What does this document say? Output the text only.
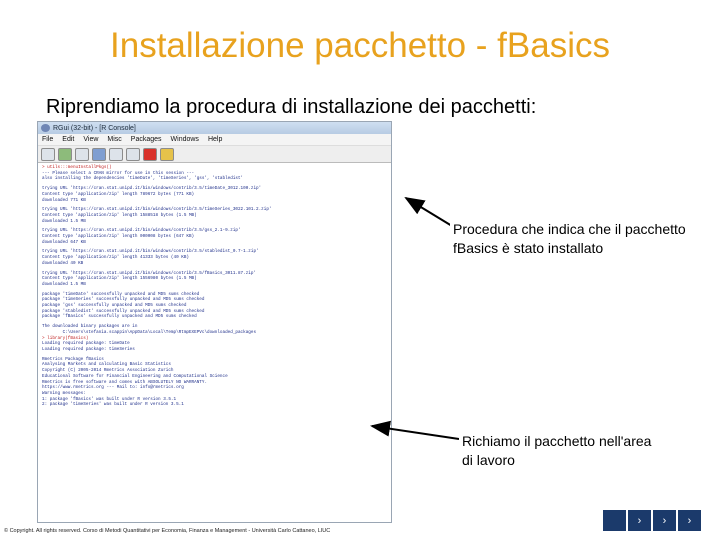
Installazione pacchetto - fBasics
Riprendiamo la procedura di installazione dei pacchetti:
RGui (32-bit) - [R Console]
File Edit View Misc Packages Windows Help
> utils:::menuInstallPkgs()
--- Please select a CRAN mirror for use in this session ---
also installing the dependencies 'timeDate', 'timeSeries', 'gss', 'stabledist'
trying URL 'https://cran.stat.unipd.it/bin/windows/contrib/3.5/timeDate_3012.100.zip'
Content type 'application/zip' length 789672 bytes (771 KB)
downloaded 771 KB
trying URL 'https://cran.stat.unipd.it/bin/windows/contrib/3.5/timeSeries_3022.101.2.zip'
Content type 'application/zip' length 1588518 bytes (1.5 MB)
downloaded 1.5 MB
trying URL 'https://cran.stat.unipd.it/bin/windows/contrib/3.5/gss_2.1-9.zip'
Content type 'application/zip' length 000008 bytes (647 KB)
downloaded 647 KB
trying URL 'https://cran.stat.unipd.it/bin/windows/contrib/3.5/stabledist_0.7-1.zip'
Content type 'application/zip' length 41333 bytes (40 KB)
downloaded 40 KB
trying URL 'https://cran.stat.unipd.it/bin/windows/contrib/3.5/fBasics_3011.87.zip'
Content type 'application/zip' length 1556980 bytes (1.5 MB)
downloaded 1.5 MB
package 'timeDate' successfully unpacked and MD5 sums checked
package 'timeSeries' successfully unpacked and MD5 sums checked
package 'gss' successfully unpacked and MD5 sums checked
package 'stabledist' successfully unpacked and MD5 sums checked
package 'fBasics' successfully unpacked and MD5 sums checked
The downloaded binary packages are in
C:\Users\stefania.scappin\AppData\Local\Temp\RtmpEXEPVc\downloaded_packages
> library(fBasics)
Loading required package: timeDate
Loading required package: timeSeries
Rmetrics Package fBasics
Analysing Markets and calculating Basic Statistics
Copyright (C) 2005-2014 Rmetrics Association Zurich
Educational Software for Financial Engineering and Computational Science
Rmetrics is free software and comes with ABSOLUTELY NO WARRANTY.
https://www.rmetrics.org --- Mail to: info@rmetrics.org
Warning messages:
1: package 'fBasics' was built under R version 3.5.1
2: package 'timeSeries' was built under R version 3.5.1
Procedura che indica che il pacchetto fBasics è stato installato
Richiamo il pacchetto nell'area di lavoro
© Copyright. All rights reserved. Corso di Metodi Quantitativi per Economia, Finanza e Management - Università Carlo Cattaneo, LIUC
›	›	›
